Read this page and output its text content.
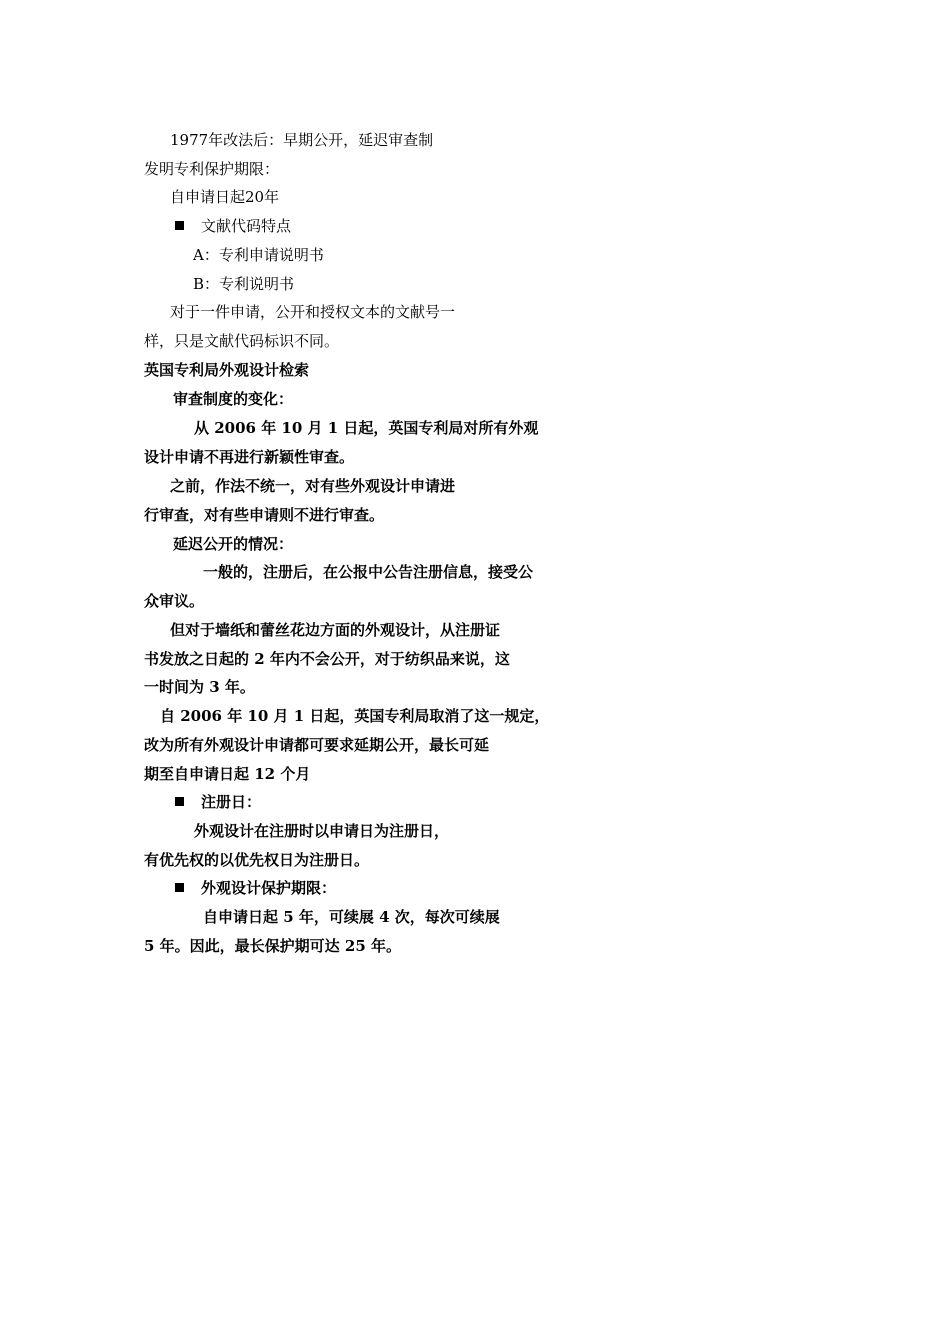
1977年改法后：早期公开，延迟审查制
发明专利保护期限：
自申请日起20年
文献代码特点
A：专利申请说明书
B：专利说明书
对于一件申请，公开和授权文本的文献号一
样，只是文献代码标识不同。
英国专利局外观设计检索
审查制度的变化：
从 2006 年 10 月 1 日起，英国专利局对所有外观
设计申请不再进行新颖性审查。
之前，作法不统一，对有些外观设计申请进
行审查，对有些申请则不进行审查。
延迟公开的情况：
一般的，注册后，在公报中公告注册信息，接受公
众审议。
但对于墙纸和蕾丝花边方面的外观设计，从注册证
书发放之日起的 2 年内不会公开，对于纺织品来说，这
一时间为 3 年。
自 2006 年 10 月 1 日起，英国专利局取消了这一规定，
改为所有外观设计申请都可要求延期公开，最长可延
期至自申请日起 12 个月
注册日：
外观设计在注册时以申请日为注册日，
有优先权的以优先权日为注册日。
外观设计保护期限：
自申请日起 5 年，可续展 4 次，每次可续展
5 年。因此，最长保护期可达 25 年。
